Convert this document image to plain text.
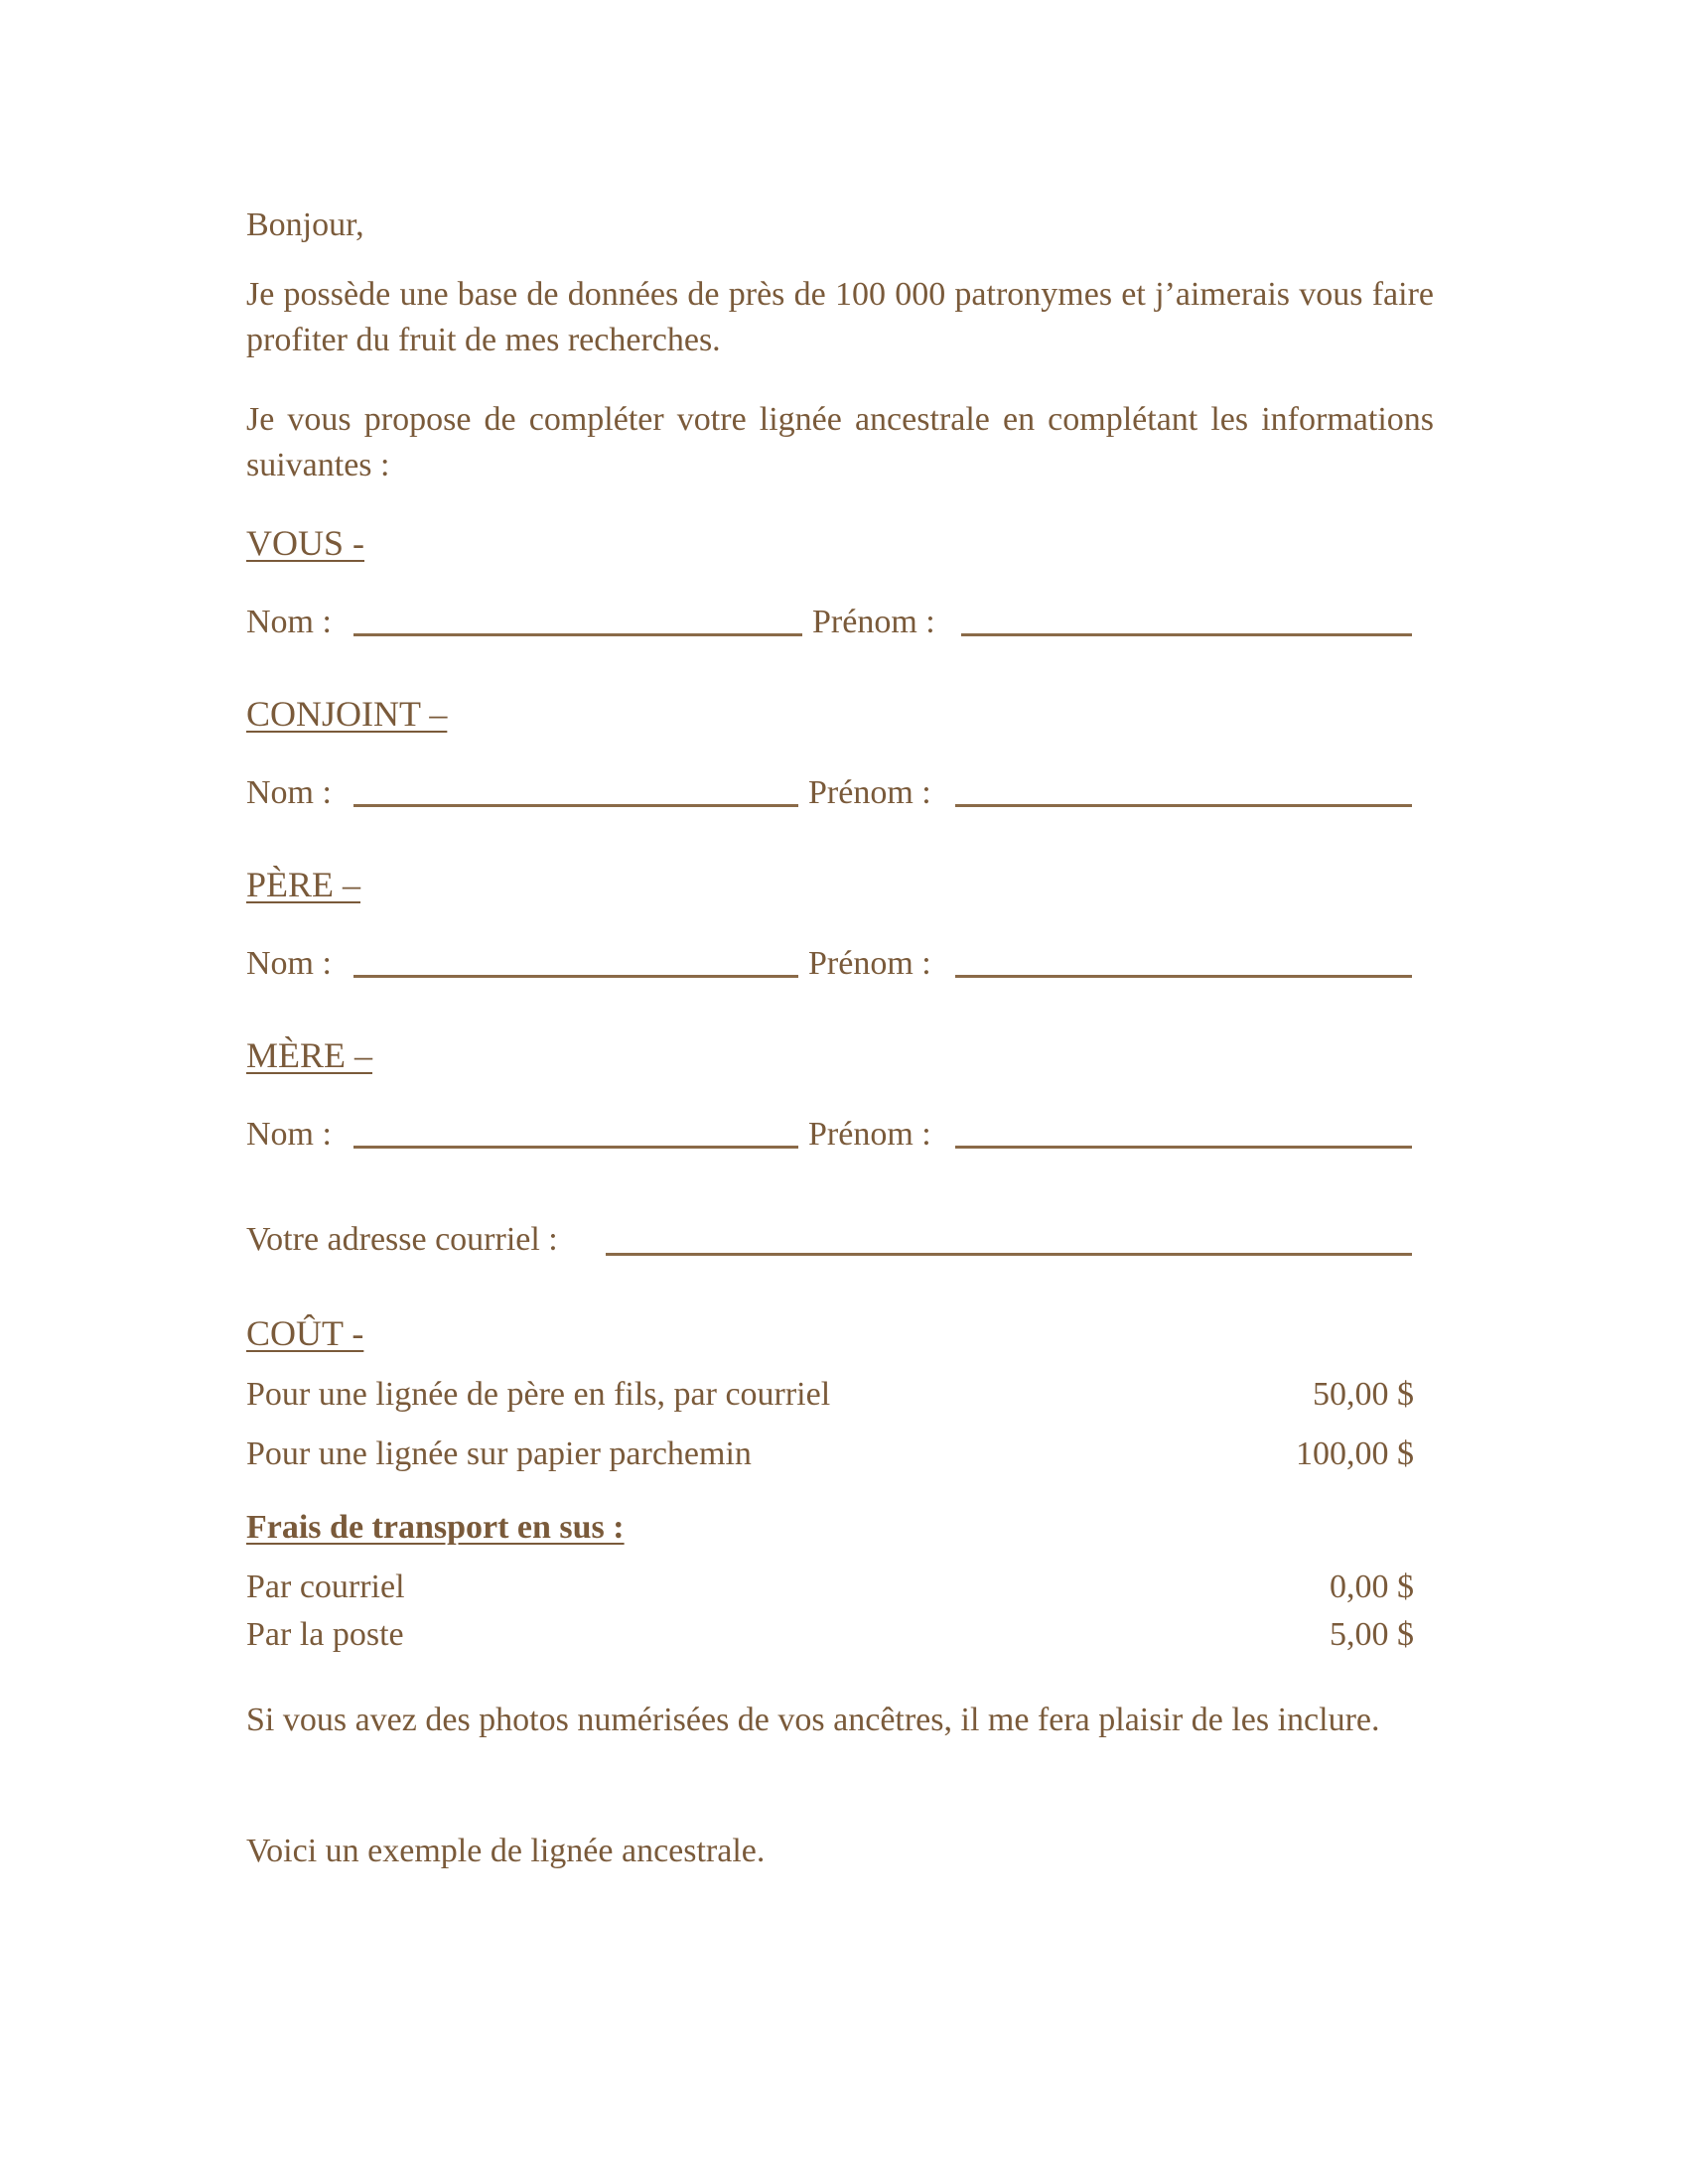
Bonjour,
Je possède une base de données de près de 100 000 patronymes et j’aimerais vous faire profiter du fruit de mes recherches.
Je vous propose de compléter votre lignée ancestrale en complétant les informations suivantes :
VOUS -
Nom :	Prénom :
CONJOINT –
Nom :	Prénom :
PÈRE –
Nom :	Prénom :
MÈRE –
Nom :	Prénom :
Votre adresse courriel :
COÛT -
Pour une lignée de père en fils, par courriel	50,00 $
Pour une lignée sur papier parchemin	100,00 $
Frais de transport en sus :
Par courriel	0,00 $
Par la poste	5,00 $
Si vous avez des photos numérisées de vos ancêtres, il me fera plaisir de les inclure.
Voici un exemple de lignée ancestrale.
